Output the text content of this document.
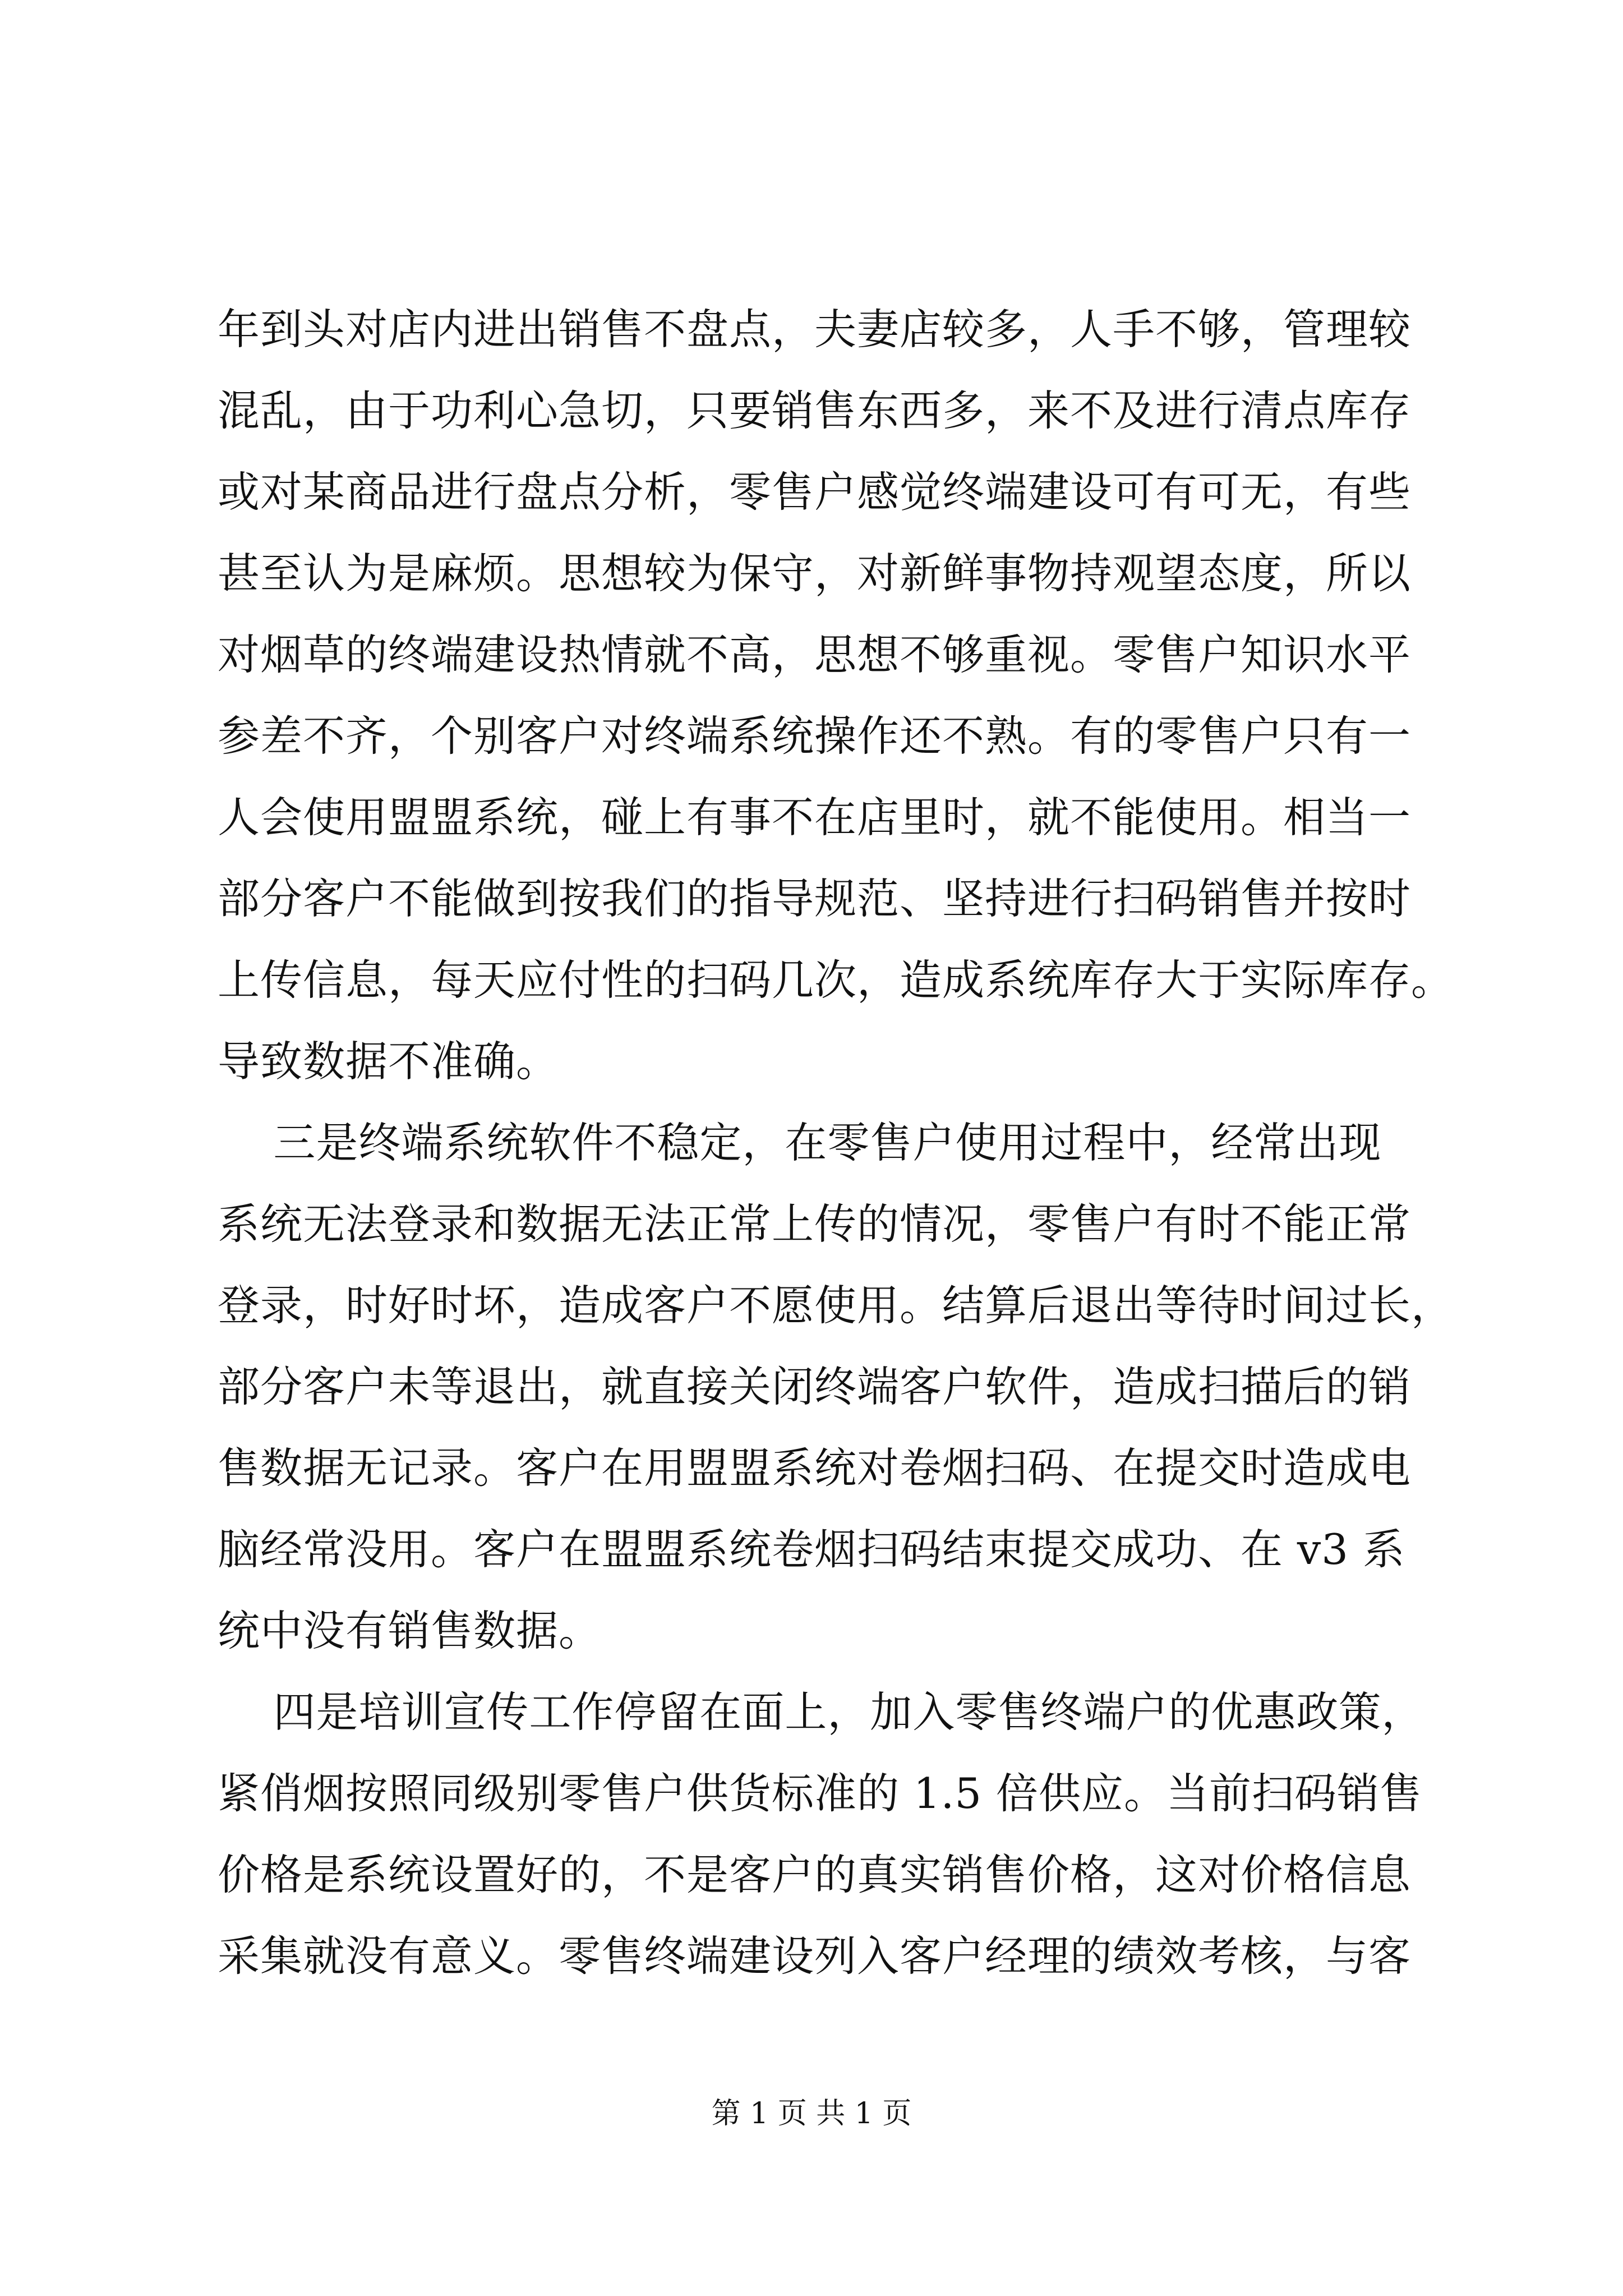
年到头对店内进出销售不盘点，夫妻店较多，人手不够，管理较
混乱，由于功利心急切，只要销售东西多，来不及进行清点库存
或对某商品进行盘点分析，零售户感觉终端建设可有可无，有些
甚至认为是麻烦。思想较为保守，对新鲜事物持观望态度，所以
对烟草的终端建设热情就不高，思想不够重视。零售户知识水平
参差不齐，个别客户对终端系统操作还不熟。有的零售户只有一
人会使用盟盟系统，碰上有事不在店里时，就不能使用。相当一
部分客户不能做到按我们的指导规范、坚持进行扫码销售并按时
上传信息，每天应付性的扫码几次，造成系统库存大于实际库存。
导致数据不准确。
三是终端系统软件不稳定，在零售户使用过程中，经常出现
系统无法登录和数据无法正常上传的情况，零售户有时不能正常
登录，时好时坏，造成客户不愿使用。结算后退出等待时间过长，
部分客户未等退出，就直接关闭终端客户软件，造成扫描后的销
售数据无记录。客户在用盟盟系统对卷烟扫码、在提交时造成电
脑经常没用。客户在盟盟系统卷烟扫码结束提交成功、在 v3 系
统中没有销售数据。
四是培训宣传工作停留在面上，加入零售终端户的优惠政策，
紧俏烟按照同级别零售户供货标准的 1.5 倍供应。当前扫码销售
价格是系统设置好的，不是客户的真实销售价格，这对价格信息
采集就没有意义。零售终端建设列入客户经理的绩效考核，与客
第 1 页 共 1 页
